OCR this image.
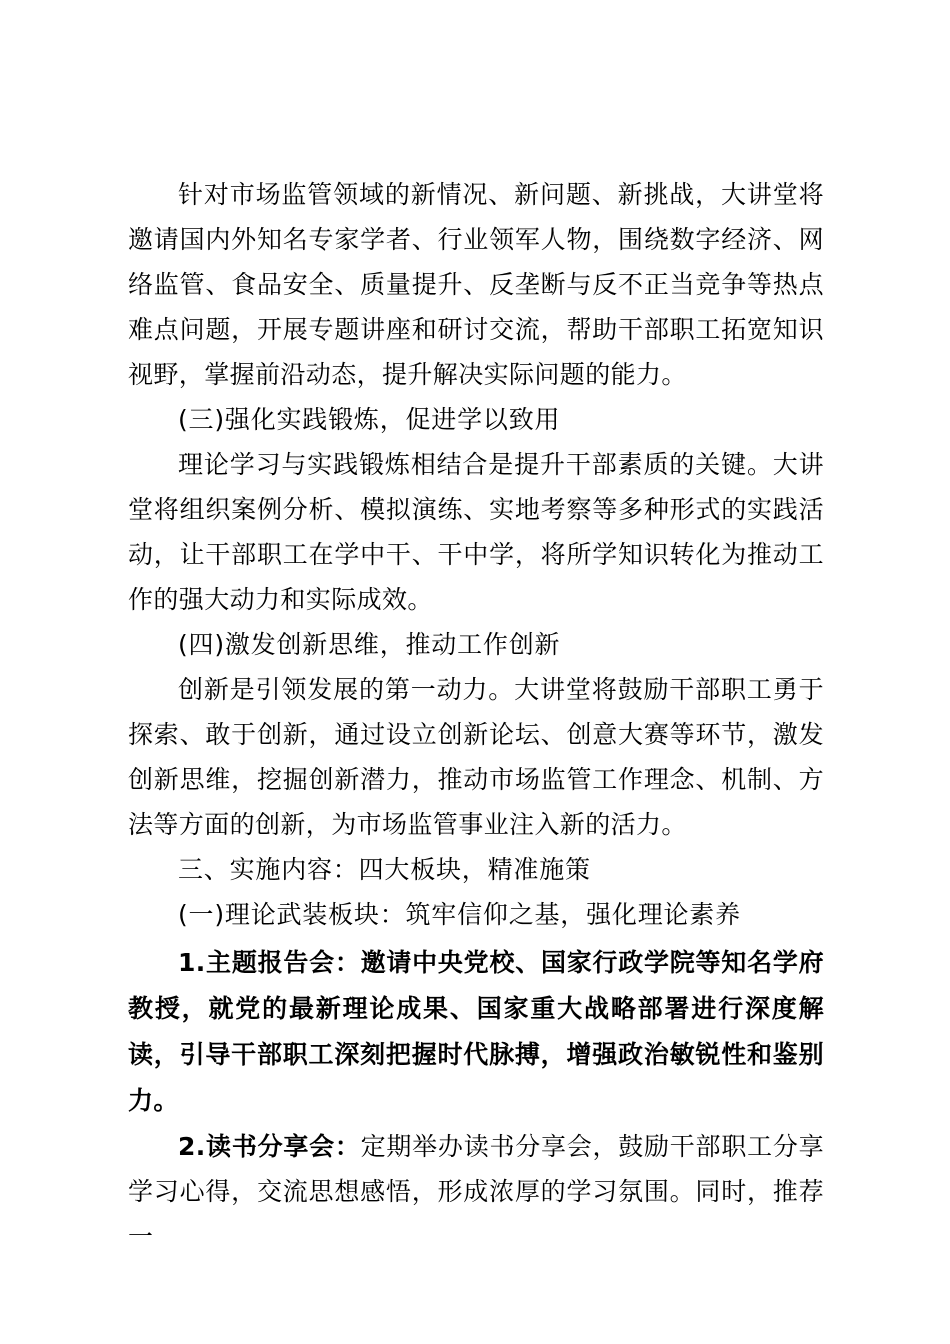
针对市场监管领域的新情况、新问题、新挑战，大讲堂将邀请国内外知名专家学者、行业领军人物，围绕数字经济、网络监管、食品安全、质量提升、反垄断与反不正当竞争等热点难点问题，开展专题讲座和研讨交流，帮助干部职工拓宽知识视野，掌握前沿动态，提升解决实际问题的能力。

(三)强化实践锻炼，促进学以致用

理论学习与实践锻炼相结合是提升干部素质的关键。大讲堂将组织案例分析、模拟演练、实地考察等多种形式的实践活动，让干部职工在学中干、干中学，将所学知识转化为推动工作的强大动力和实际成效。

(四)激发创新思维，推动工作创新

创新是引领发展的第一动力。大讲堂将鼓励干部职工勇于探索、敢于创新，通过设立创新论坛、创意大赛等环节，激发创新思维，挖掘创新潜力，推动市场监管工作理念、机制、方法等方面的创新，为市场监管事业注入新的活力。

三、实施内容：四大板块，精准施策

(一)理论武装板块：筑牢信仰之基，强化理论素养

1.主题报告会：邀请中央党校、国家行政学院等知名学府教授，就党的最新理论成果、国家重大战略部署进行深度解读，引导干部职工深刻把握时代脉搏，增强政治敏锐性和鉴别力。

2.读书分享会：定期举办读书分享会，鼓励干部职工分享学习心得，交流思想感悟，形成浓厚的学习氛围。同时，推荐一
